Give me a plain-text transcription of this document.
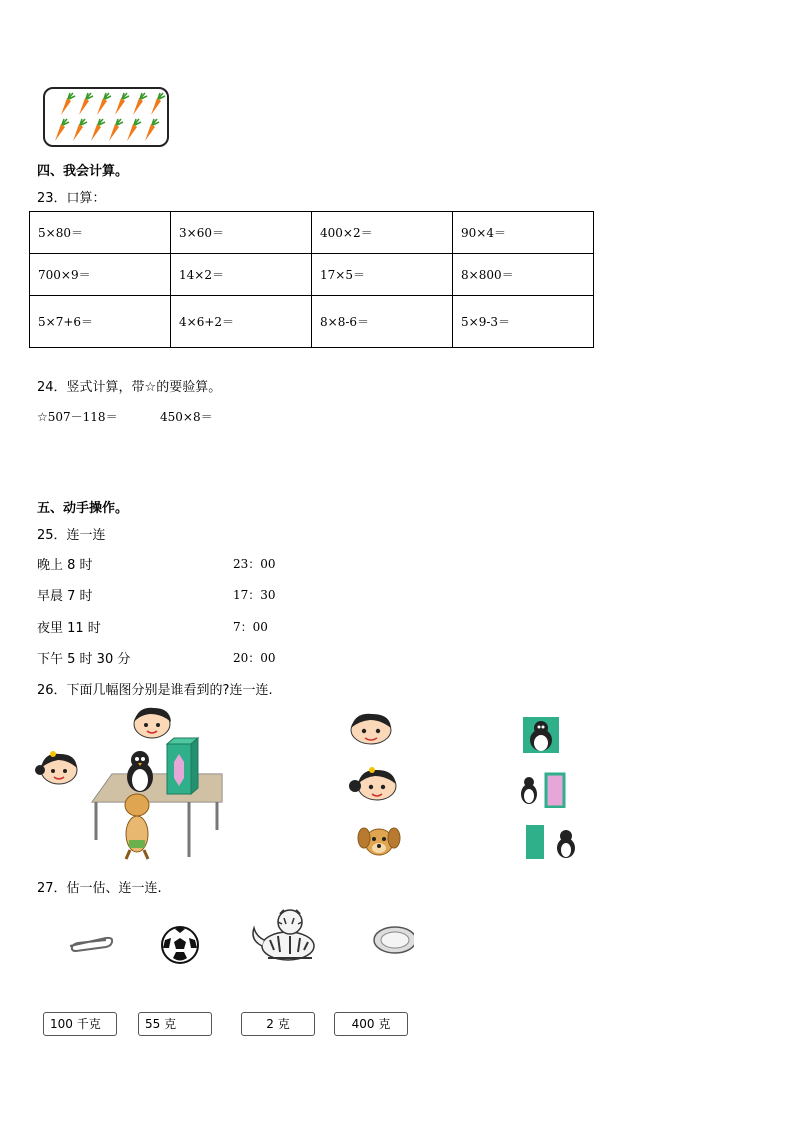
四、我会计算。
23．口算：
5×80＝	3×60＝	400×2＝	90×4＝
700×9＝	14×2＝	17×5＝	8×800＝
5×7+6＝	4×6+2＝	8×8-6＝	5×9-3＝
24．竖式计算，带☆的要验算。
☆507－118＝	450×8＝
五、动手操作。
25．连一连
晚上 8 时
早晨 7 时
夜里 11 时
下午 5 时 30 分
23：00
17：30
7：00
20：00
26．下面几幅图分别是谁看到的?连一连.
27．估一估、连一连.
100 千克	55 克	2 克	400 克
